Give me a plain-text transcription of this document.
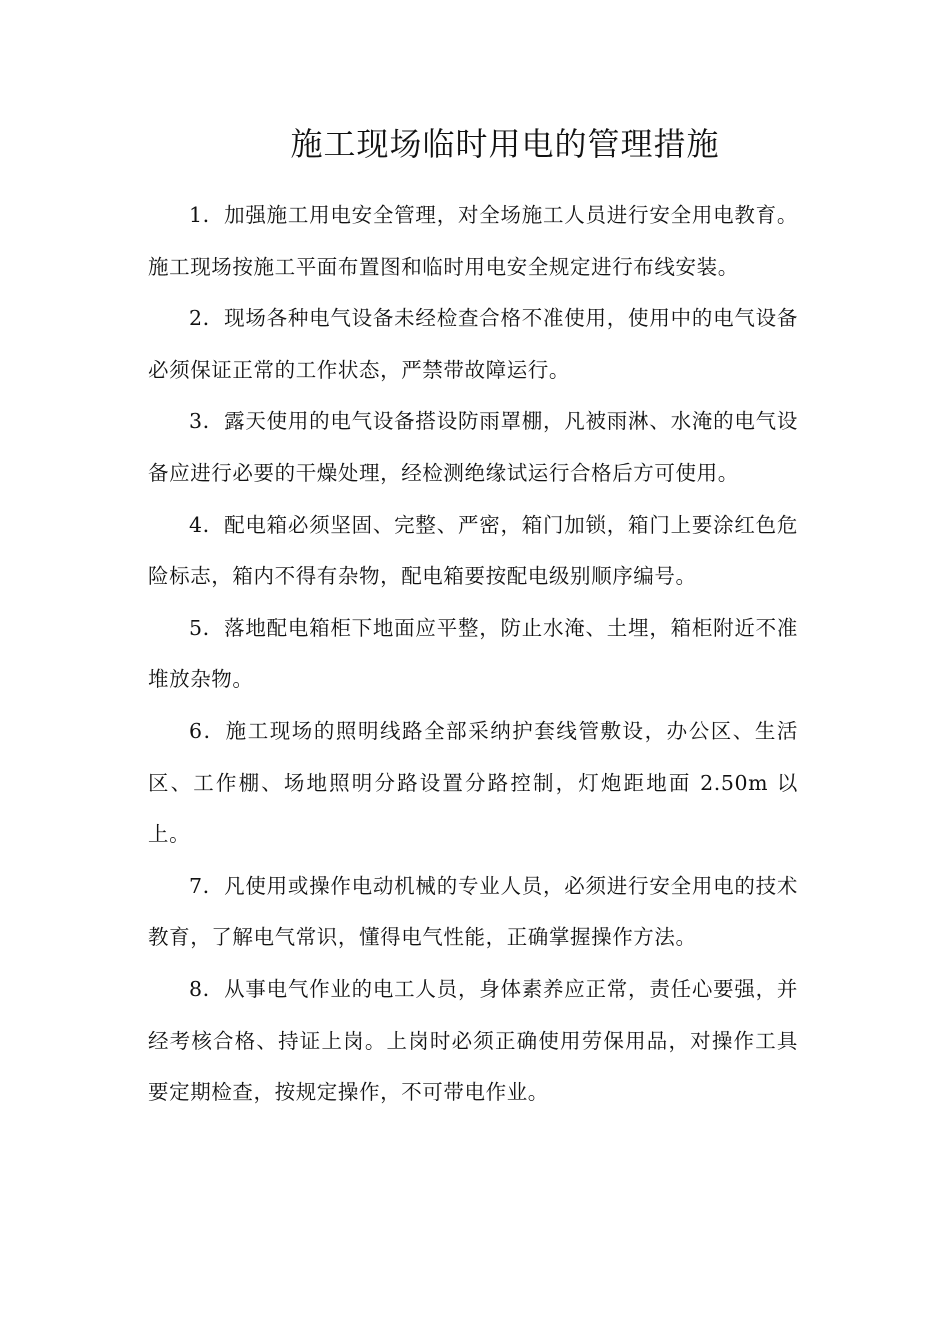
施工现场临时用电的管理措施

1．加强施工用电安全管理，对全场施工人员进行安全用电教育。施工现场按施工平面布置图和临时用电安全规定进行布线安装。

2．现场各种电气设备未经检查合格不准使用，使用中的电气设备必须保证正常的工作状态，严禁带故障运行。

3．露天使用的电气设备搭设防雨罩棚，凡被雨淋、水淹的电气设备应进行必要的干燥处理，经检测绝缘试运行合格后方可使用。

4．配电箱必须坚固、完整、严密，箱门加锁，箱门上要涂红色危险标志，箱内不得有杂物，配电箱要按配电级别顺序编号。

5．落地配电箱柜下地面应平整，防止水淹、土埋，箱柜附近不准堆放杂物。

6．施工现场的照明线路全部采纳护套线管敷设，办公区、生活区、工作棚、场地照明分路设置分路控制，灯炮距地面 2.50m 以上。

7．凡使用或操作电动机械的专业人员，必须进行安全用电的技术教育，了解电气常识，懂得电气性能，正确掌握操作方法。

8．从事电气作业的电工人员，身体素养应正常，责任心要强，并经考核合格、持证上岗。上岗时必须正确使用劳保用品，对操作工具要定期检查，按规定操作，不可带电作业。
